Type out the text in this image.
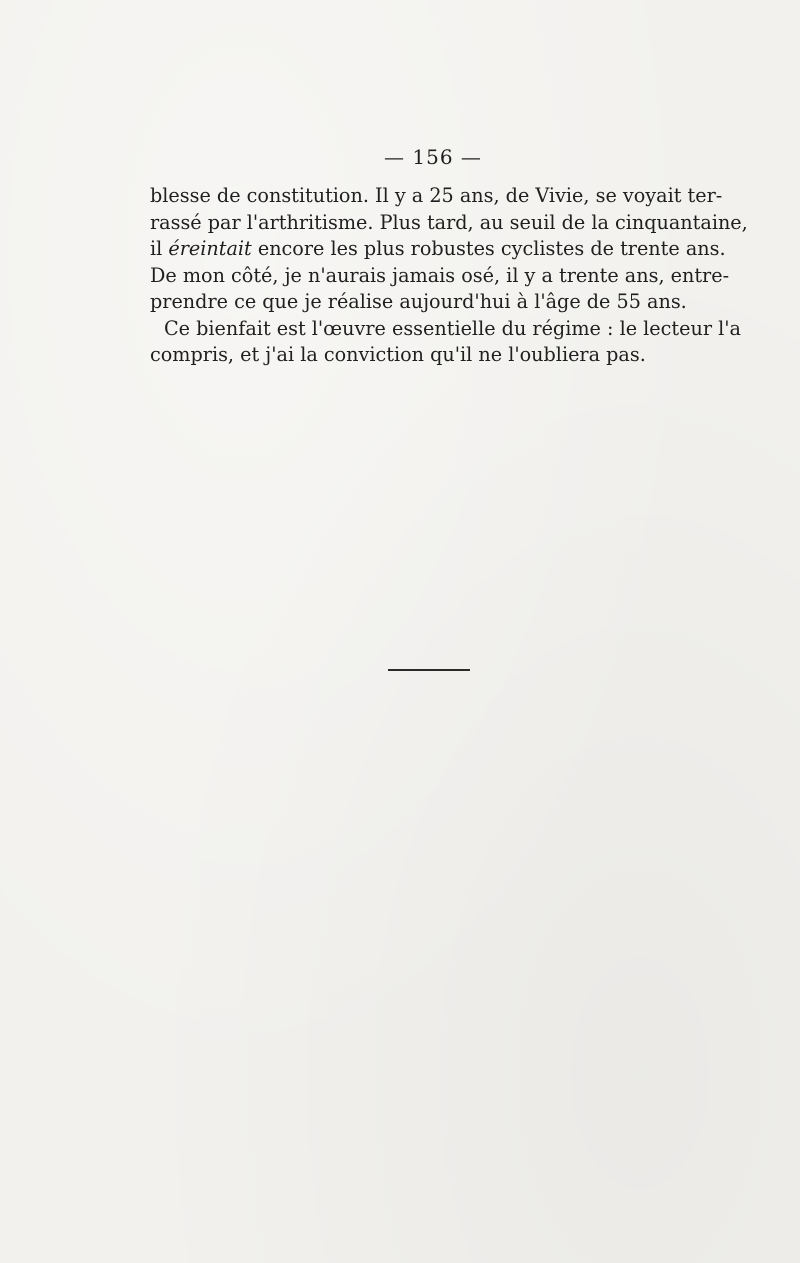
— 156 —
blesse de constitution. Il y a 25 ans, de Vivie, se voyait ter-
rassé par l'arthritisme. Plus tard, au seuil de la cinquantaine,
il éreintait encore les plus robustes cyclistes de trente ans.
De mon côté, je n'aurais jamais osé, il y a trente ans, entre-
prendre ce que je réalise aujourd'hui à l'âge de 55 ans.
Ce bienfait est l'œuvre essentielle du régime : le lecteur l'a
compris, et j'ai la conviction qu'il ne l'oubliera pas.
